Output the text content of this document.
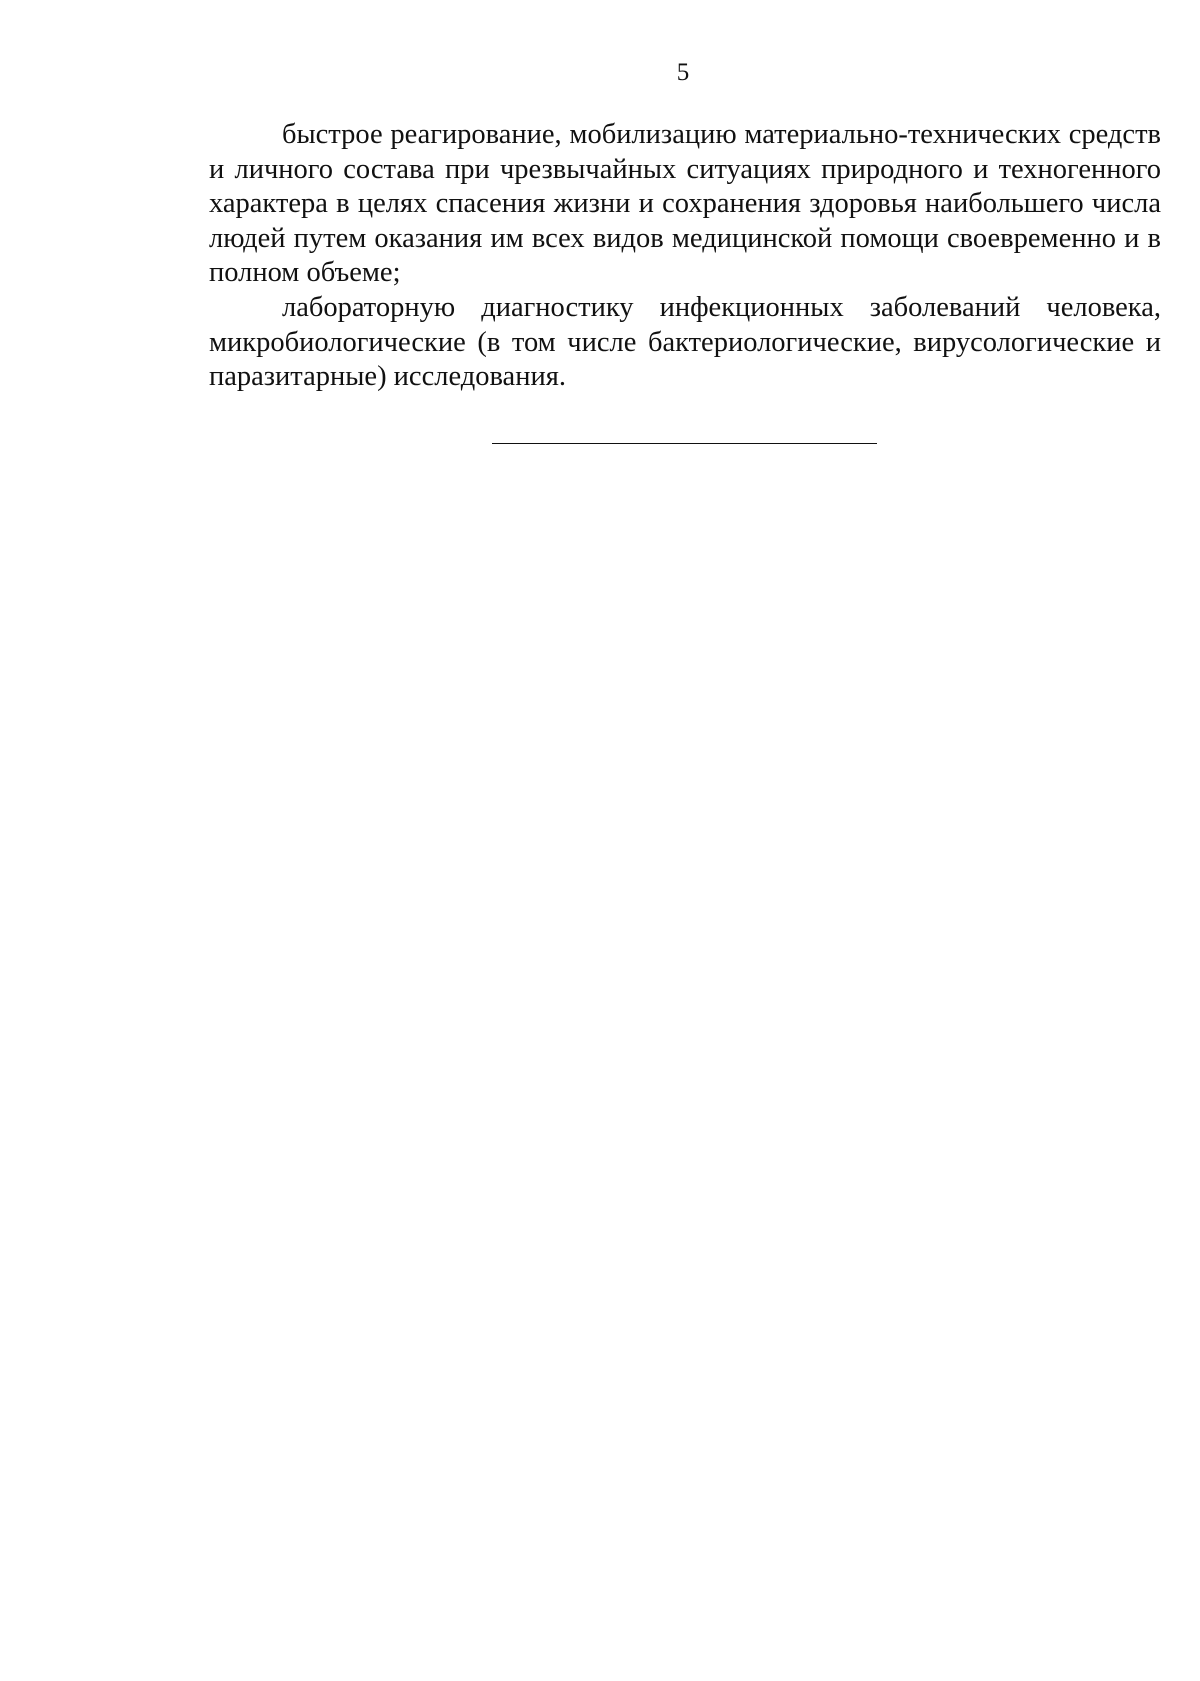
5

быстрое реагирование, мобилизацию материально-технических средств
и личного состава при чрезвычайных ситуациях природного и техногенного
характера в целях спасения жизни и сохранения здоровья наибольшего числа
людей путем оказания им всех видов медицинской помощи своевременно и в
полном объеме;

лабораторную диагностику инфекционных заболеваний человека,
микробиологические (в том числе бактериологические, вирусологические и
паразитарные) исследования.
